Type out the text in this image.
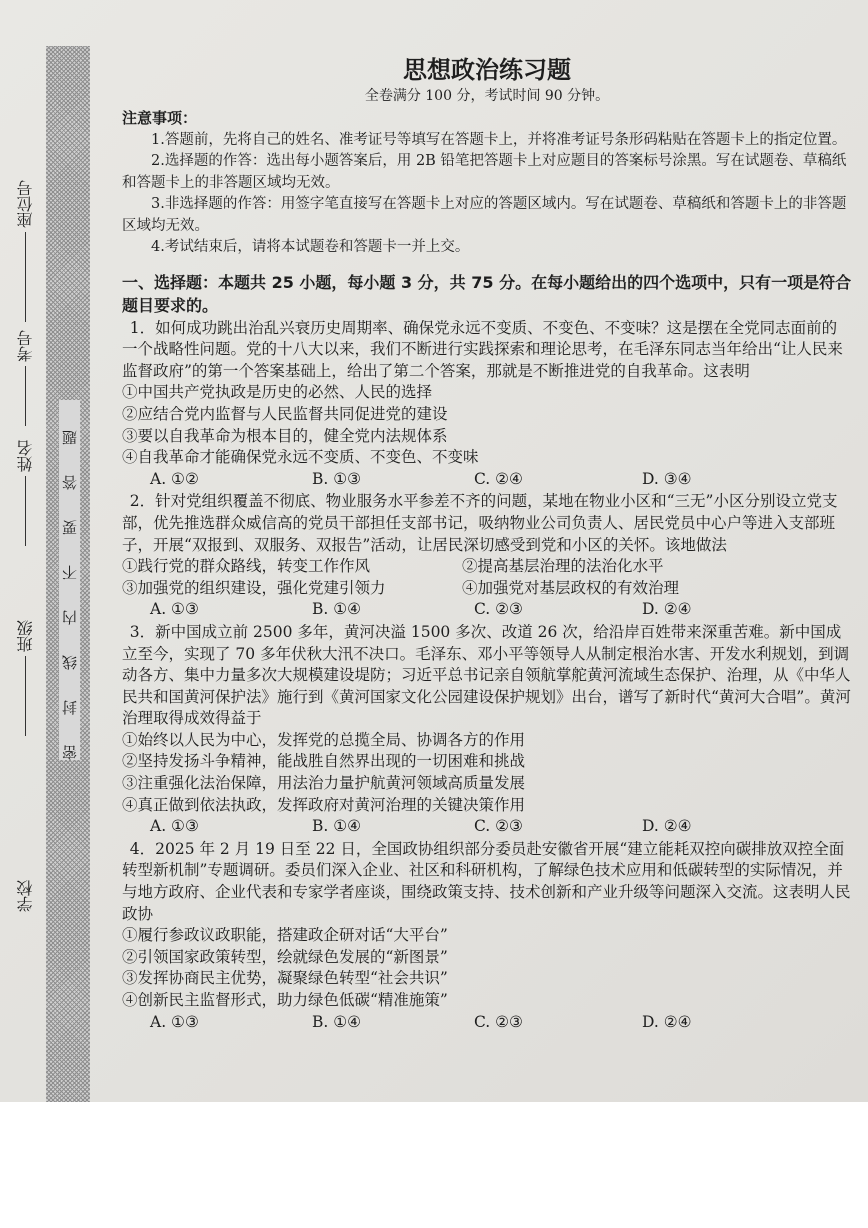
密封线内不要答题
学校
班级
姓名
考号
座位号
思想政治练习题
全卷满分 100 分，考试时间 90 分钟。
注意事项：

1.答题前，先将自己的姓名、准考证号等填写在答题卡上，并将准考证号条形码粘贴在答题卡上的指定位置。

2.选择题的作答：选出每小题答案后，用 2B 铅笔把答题卡上对应题目的答案标号涂黑。写在试题卷、草稿纸和答题卡上的非答题区域均无效。

3.非选择题的作答：用签字笔直接写在答题卡上对应的答题区域内。写在试题卷、草稿纸和答题卡上的非答题区域均无效。

4.考试结束后，请将本试题卷和答题卡一并上交。

一、选择题：本题共 25 小题，每小题 3 分，共 75 分。在每小题给出的四个选项中，只有一项是符合题目要求的。

1．如何成功跳出治乱兴衰历史周期率、确保党永远不变质、不变色、不变味？这是摆在全党同志面前的一个战略性问题。党的十八大以来，我们不断进行实践探索和理论思考，在毛泽东同志当年给出“让人民来监督政府”的第一个答案基础上，给出了第二个答案，那就是不断推进党的自我革命。这表明

①中国共产党执政是历史的必然、人民的选择

②应结合党内监督与人民监督共同促进党的建设

③要以自我革命为根本目的，健全党内法规体系

④自我革命才能确保党永远不变质、不变色、不变味

A. ①②	B. ①③	C. ②④	D. ③④

2．针对党组织覆盖不彻底、物业服务水平参差不齐的问题，某地在物业小区和“三无”小区分别设立党支部，优先推选群众威信高的党员干部担任支部书记，吸纳物业公司负责人、居民党员中心户等进入支部班子，开展“双报到、双服务、双报告”活动，让居民深切感受到党和小区的关怀。该地做法

①践行党的群众路线，转变工作作风	②提高基层治理的法治化水平

③加强党的组织建设，强化党建引领力	④加强党对基层政权的有效治理

A. ①③	B. ①④	C. ②③	D. ②④

3．新中国成立前 2500 多年，黄河决溢 1500 多次、改道 26 次，给沿岸百姓带来深重苦难。新中国成立至今，实现了 70 多年伏秋大汛不决口。毛泽东、邓小平等领导人从制定根治水害、开发水利规划，到调动各方、集中力量多次大规模建设堤防；习近平总书记亲自领航掌舵黄河流域生态保护、治理，从《中华人民共和国黄河保护法》施行到《黄河国家文化公园建设保护规划》出台，谱写了新时代“黄河大合唱”。黄河治理取得成效得益于

①始终以人民为中心，发挥党的总揽全局、协调各方的作用

②坚持发扬斗争精神，能战胜自然界出现的一切困难和挑战

③注重强化法治保障，用法治力量护航黄河领域高质量发展

④真正做到依法执政，发挥政府对黄河治理的关键决策作用

A. ①③	B. ①④	C. ②③	D. ②④

4．2025 年 2 月 19 日至 22 日，全国政协组织部分委员赴安徽省开展“建立能耗双控向碳排放双控全面转型新机制”专题调研。委员们深入企业、社区和科研机构，了解绿色技术应用和低碳转型的实际情况，并与地方政府、企业代表和专家学者座谈，围绕政策支持、技术创新和产业升级等问题深入交流。这表明人民政协

①履行参政议政职能，搭建政企研对话“大平台”

②引领国家政策转型，绘就绿色发展的“新图景”

③发挥协商民主优势，凝聚绿色转型“社会共识”

④创新民主监督形式，助力绿色低碳“精准施策”

A. ①③	B. ①④	C. ②③	D. ②④
